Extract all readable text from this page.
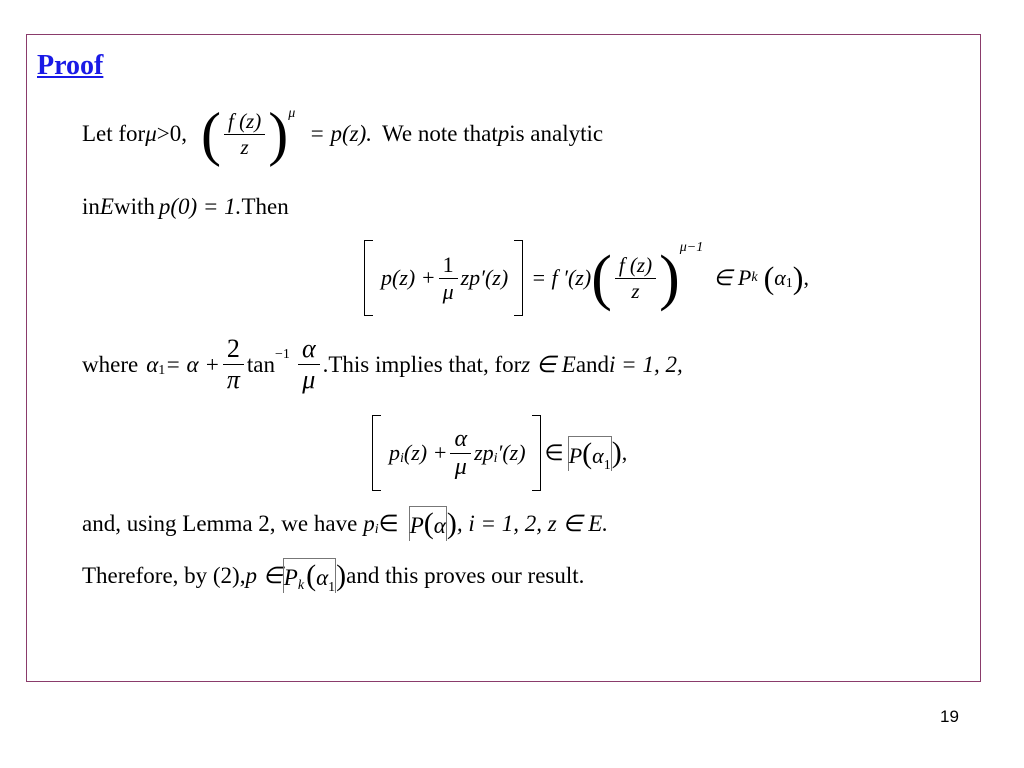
Proof
Let forμ>0, ( $\frac{f (z)}{z} )\mu= p(z)$. We note thatpis analytic
inEwithp(0) = 1.Then
$p(z) + \frac{1}{\mu} zp'(z) = f$ $'(z)( \frac{f (z)}{z}$ )$^{\mu-1}\in$ Pk $(\alpha_1)$,
whereα1= $\alpha + \frac{2}{\pi} \tan-1 \frac{\alpha}{\mu}$ .This implies that, forz ∈ Eandi = 1, 2,
$p_i(z) + \frac{\alpha}{\mu} zp_i'(z)$ ∈ $P(\alpha_1)$,
and, using Lemma 2, we havepi∈P(α), i = 1, 2, z ∈ E.
Therefore, by (2),p ∈Pk(α1)and this proves our result.
19
